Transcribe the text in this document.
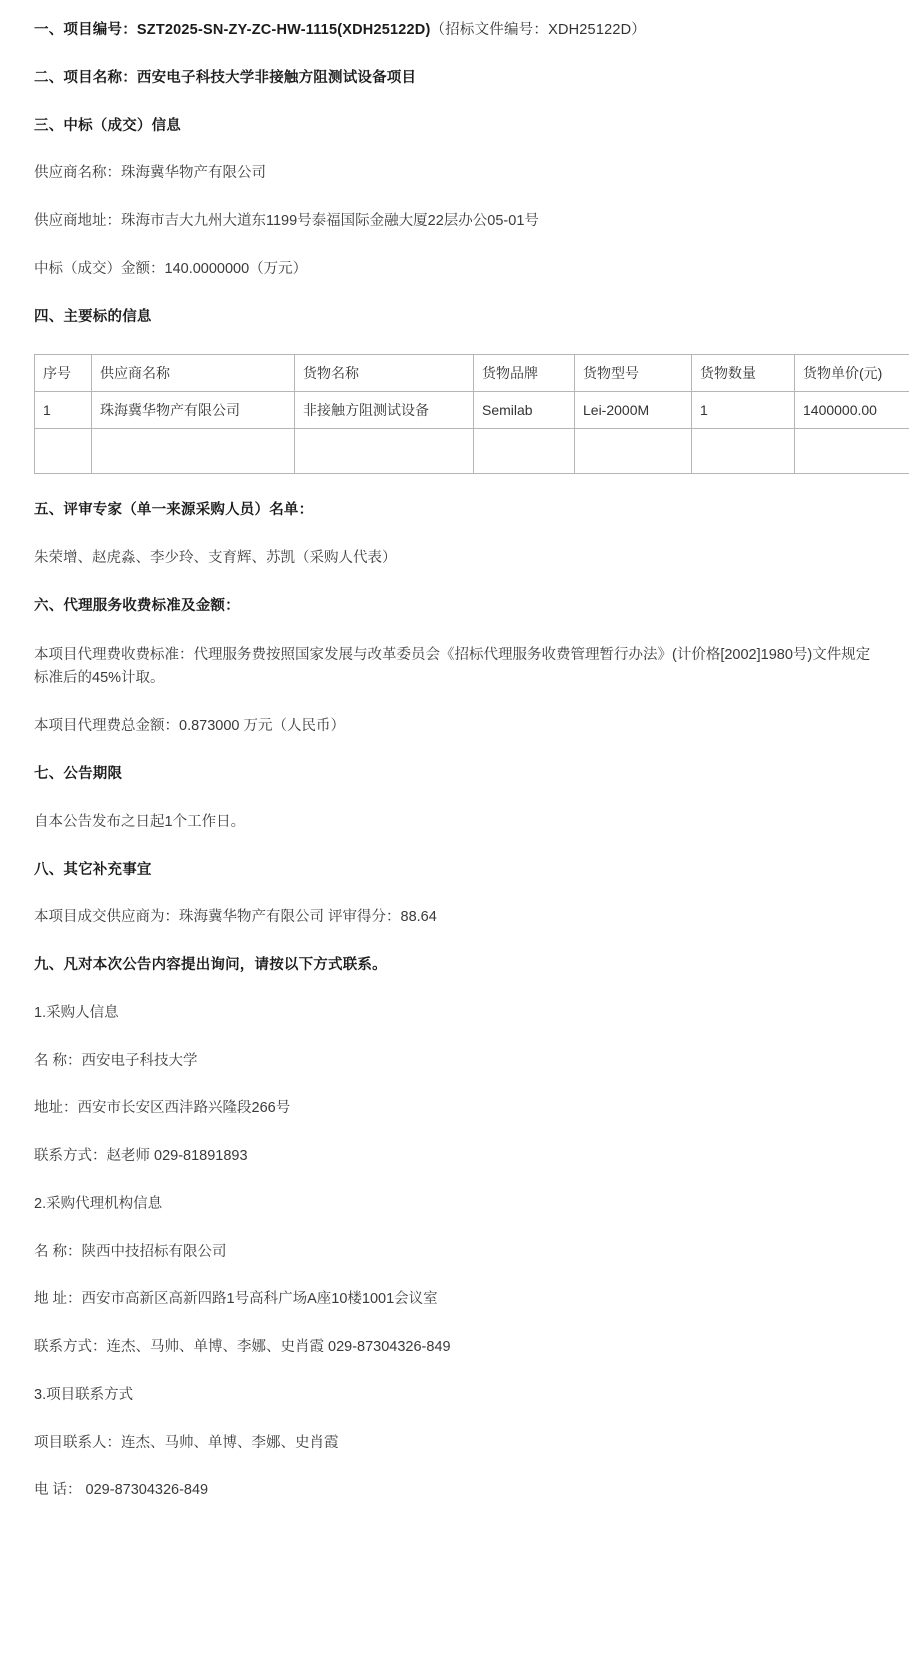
一、项目编号：SZT2025-SN-ZY-ZC-HW-1115(XDH25122D)（招标文件编号：XDH25122D）
二、项目名称：西安电子科技大学非接触方阻测试设备项目
三、中标（成交）信息
供应商名称：珠海冀华物产有限公司
供应商地址：珠海市吉大九州大道东1199号泰福国际金融大厦22层办公05-01号
中标（成交）金额：140.0000000（万元）
四、主要标的信息
序号	供应商名称	货物名称	货物品牌	货物型号	货物数量	货物单价(元)
1	珠海冀华物产有限公司	非接触方阻测试设备	Semilab	Lei-2000M	1	1400000.00

五、评审专家（单一来源采购人员）名单：
朱荣增、赵虎淼、李少玲、支育辉、苏凯（采购人代表）
六、代理服务收费标准及金额：
本项目代理费收费标准：代理服务费按照国家发展与改革委员会《招标代理服务收费管理暂行办法》(计价格[2002]1980号)文件规定标准后的45%计取。
本项目代理费总金额：0.873000 万元（人民币）
七、公告期限
自本公告发布之日起1个工作日。
八、其它补充事宜
本项目成交供应商为：珠海冀华物产有限公司 评审得分：88.64
九、凡对本次公告内容提出询问，请按以下方式联系。
1.采购人信息
名 称：西安电子科技大学
地址：西安市长安区西沣路兴隆段266号
联系方式：赵老师 029-81891893
2.采购代理机构信息
名 称：陕西中技招标有限公司
地 址：西安市高新区高新四路1号高科广场A座10楼1001会议室
联系方式：连杰、马帅、单博、李娜、史肖霞 029-87304326-849
3.项目联系方式
项目联系人：连杰、马帅、单博、李娜、史肖霞
电 话： 029-87304326-849
